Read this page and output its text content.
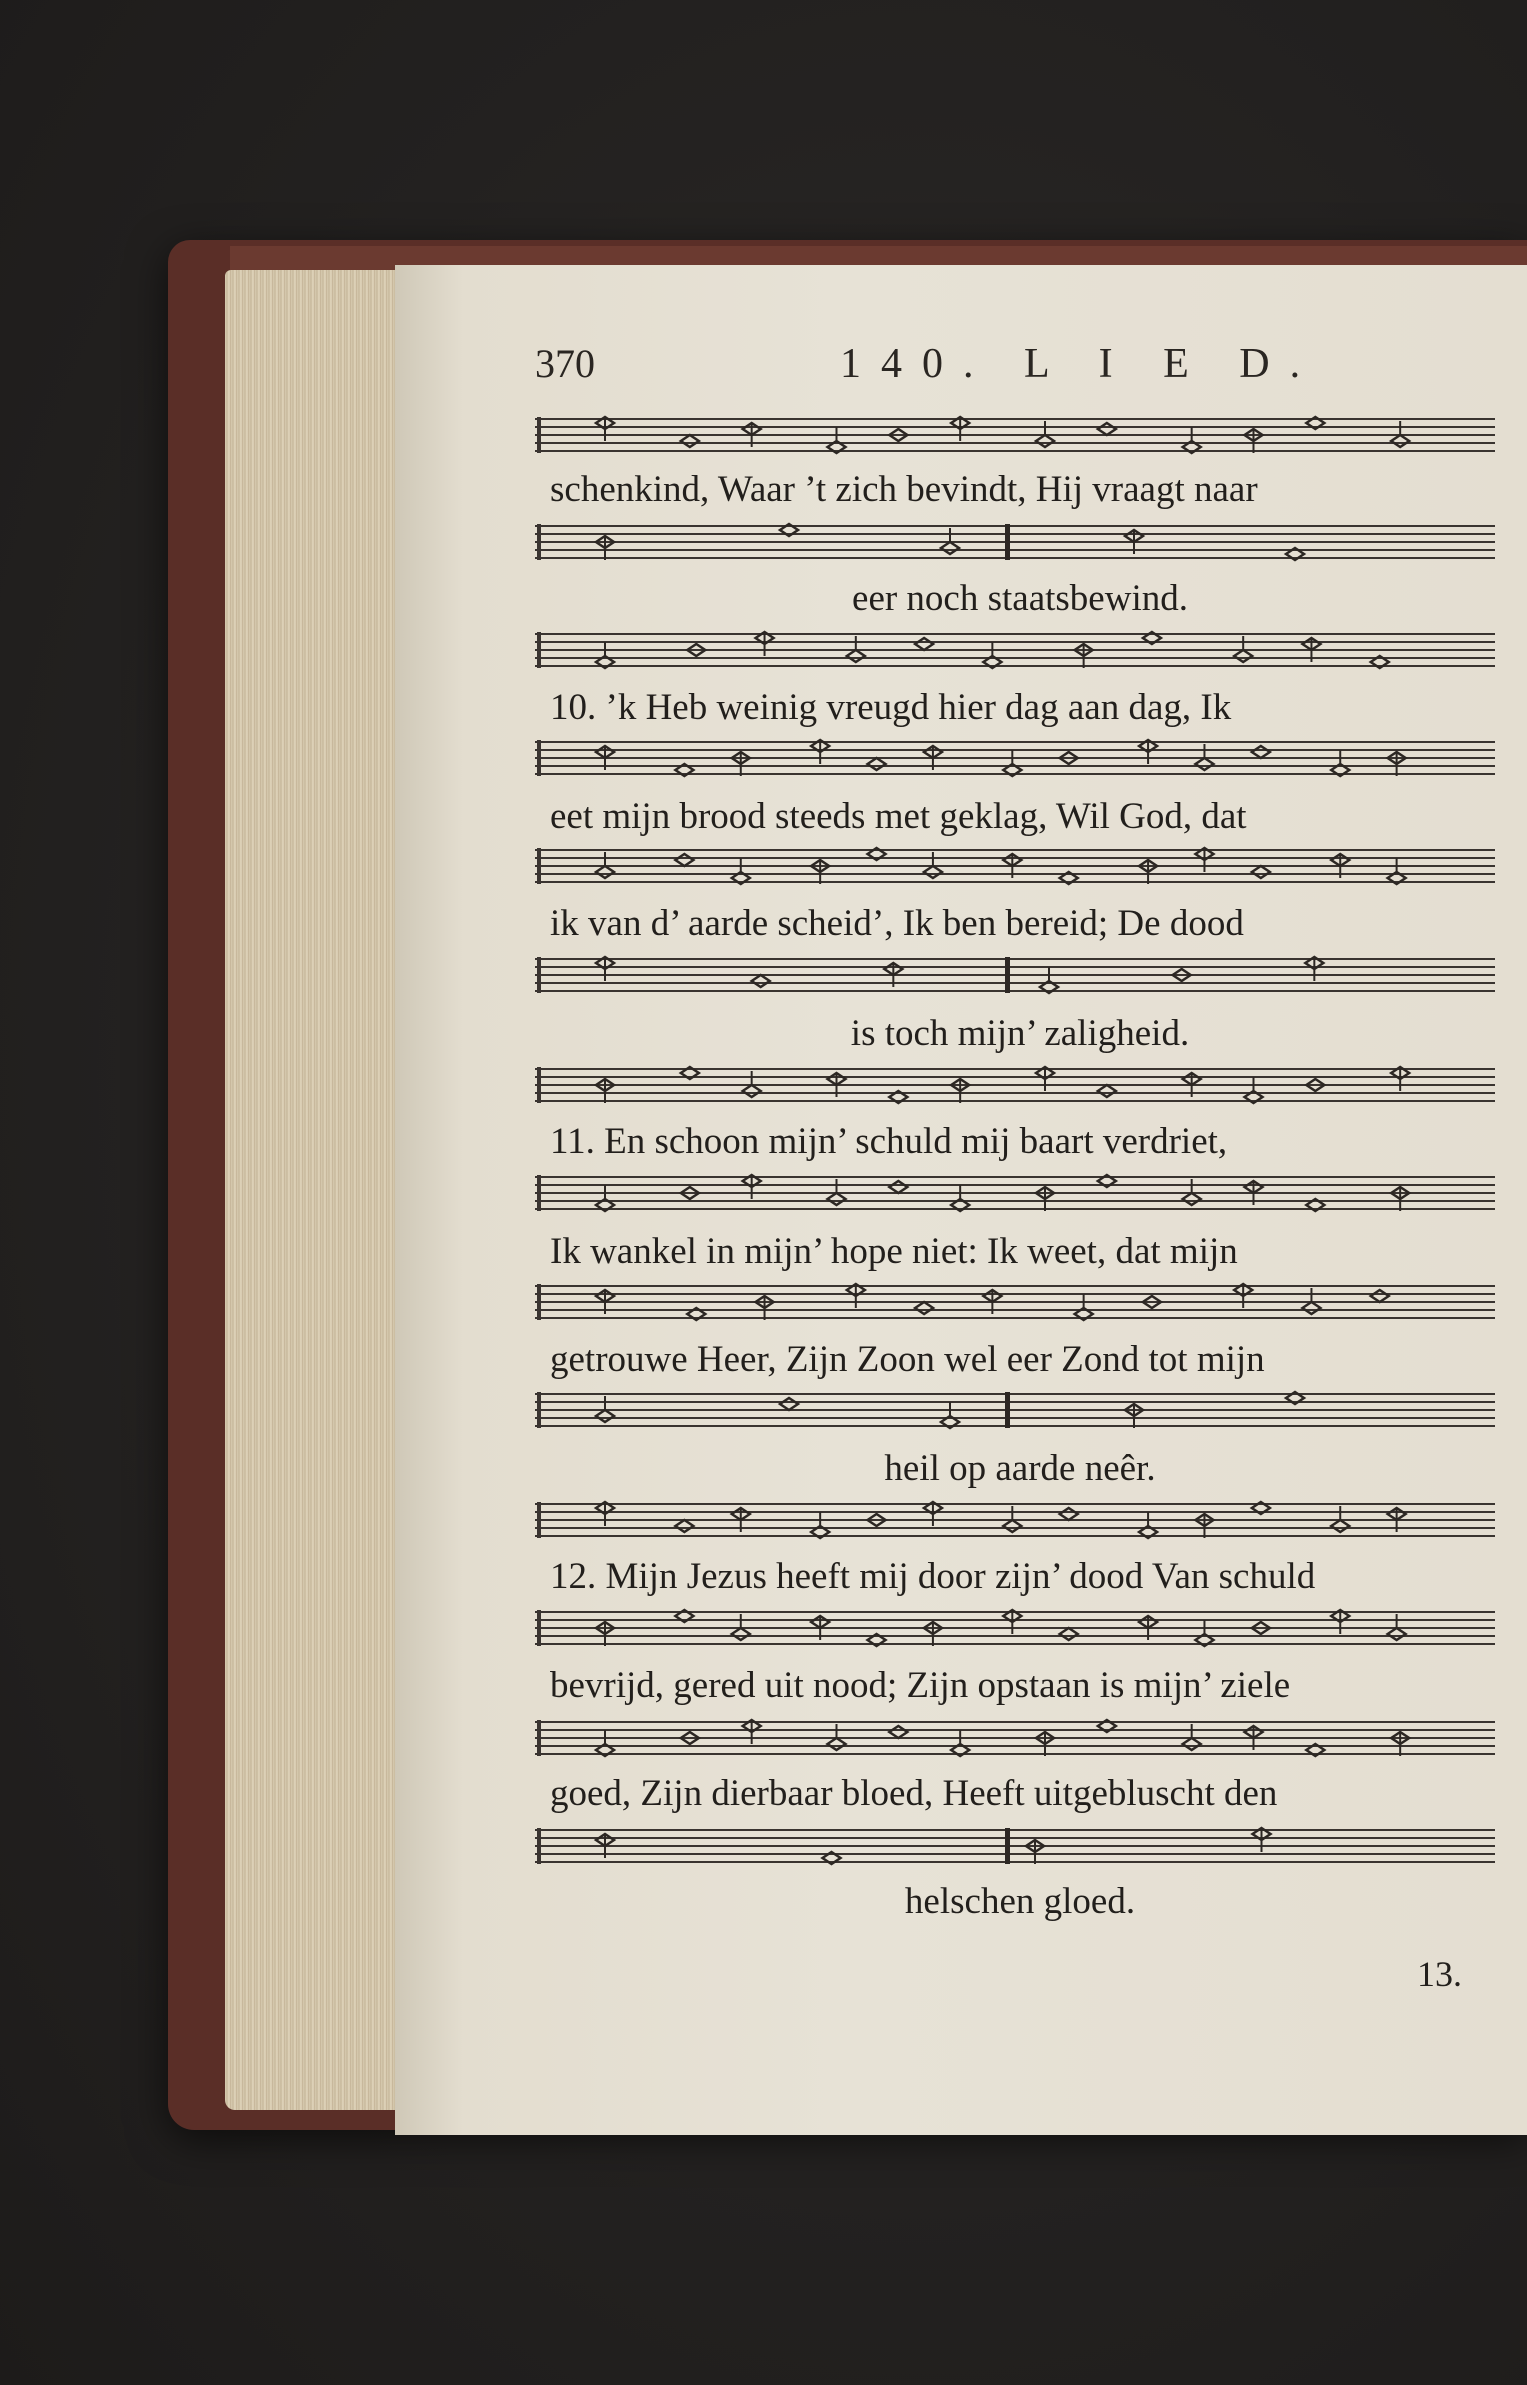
370	140. L I E D.
schenkind, Waar ’t zich bevindt, Hij vraagt naar
eer noch staatsbewind.
10. ’k Heb weinig vreugd hier dag aan dag, Ik
eet mijn brood steeds met geklag, Wil God, dat
ik van d’ aarde scheid’, Ik ben bereid; De dood
is toch mijn’ zaligheid.
11. En schoon mijn’ schuld mij baart verdriet,
Ik wankel in mijn’ hope niet: Ik weet, dat mijn
getrouwe Heer, Zijn Zoon wel eer Zond tot mijn
heil op aarde neêr.
12. Mijn Jezus heeft mij door zijn’ dood Van schuld
bevrijd, gered uit nood; Zijn opstaan is mijn’ ziele
goed, Zijn dierbaar bloed, Heeft uitgebluscht den
helschen gloed.
13.
